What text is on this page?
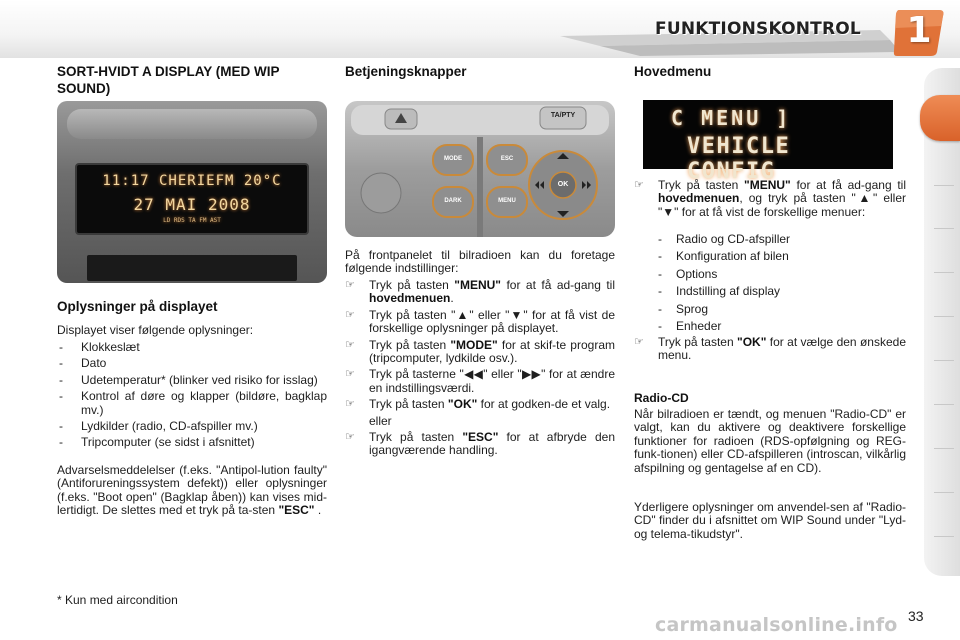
FUNKTIONSKONTROL	1
SORT-HVIDT A DISPLAY (MED WIP SOUND)
11:17 CHERIEFM 20°C
27 MAI 2008
LD RDS TA FM AST
Oplysninger på displayet
Displayet viser følgende oplysninger:
- Klokkeslæt
- Dato
- Udetemperatur* (blinker ved risiko for isslag)
- Kontrol af døre og klapper (bildøre, bagklap mv.)
- Lydkilder (radio, CD-afspiller mv.)
- Tripcomputer (se sidst i afsnittet)
Advarselsmeddelelser (f.eks. "Antipol-lution faulty" (Antiforureningssystem defekt)) eller oplysninger (f.eks. "Boot open" (Bagklap åben)) kan vises mid-lertidigt. De slettes med et tryk på ta-sten "ESC" .
* Kun med aircondition
Betjeningsknapper
TA/PTY
MODE
DARK
ESC
MENU
OK
På frontpanelet til bilradioen kan du foretage følgende indstillinger:
☞ Tryk på tasten "MENU" for at få ad-gang til hovedmenuen.
☞ Tryk på tasten "▲" eller "▼" for at få vist de forskellige oplysninger på displayet.
☞ Tryk på tasten "MODE" for at skif-te program (tripcomputer, lydkilde osv.).
☞ Tryk på tasterne "◀◀" eller "▶▶" for at ændre en indstillingsværdi.
☞ Tryk på tasten "OK" for at godken-de et valg.
eller
☞ Tryk på tasten "ESC" for at afbryde den igangværende handling.
Hovedmenu
C MENU ]
VEHICLE CONFIG
☞ Tryk på tasten "MENU" for at få ad-gang til hovedmenuen, og tryk på tasten "▲" eller "▼" for at få vist de forskellige menuer:
- Radio og CD-afspiller
- Konfiguration af bilen
- Options
- Indstilling af display
- Sprog
- Enheder
☞ Tryk på tasten "OK" for at vælge den ønskede menu.
Radio-CD
Når bilradioen er tændt, og menuen "Radio-CD" er valgt, kan du aktivere og deaktivere forskellige funktioner for radioen (RDS-opfølgning og REG-funk-tionen) eller CD-afspilleren (introscan, vilkårlig afspilning og gentagelse af en CD).
Yderligere oplysninger om anvendel-sen af "Radio-CD" finder du i afsnittet om WIP Sound under "Lyd- og telema-tikudstyr".
33
carmanualsonline.info
